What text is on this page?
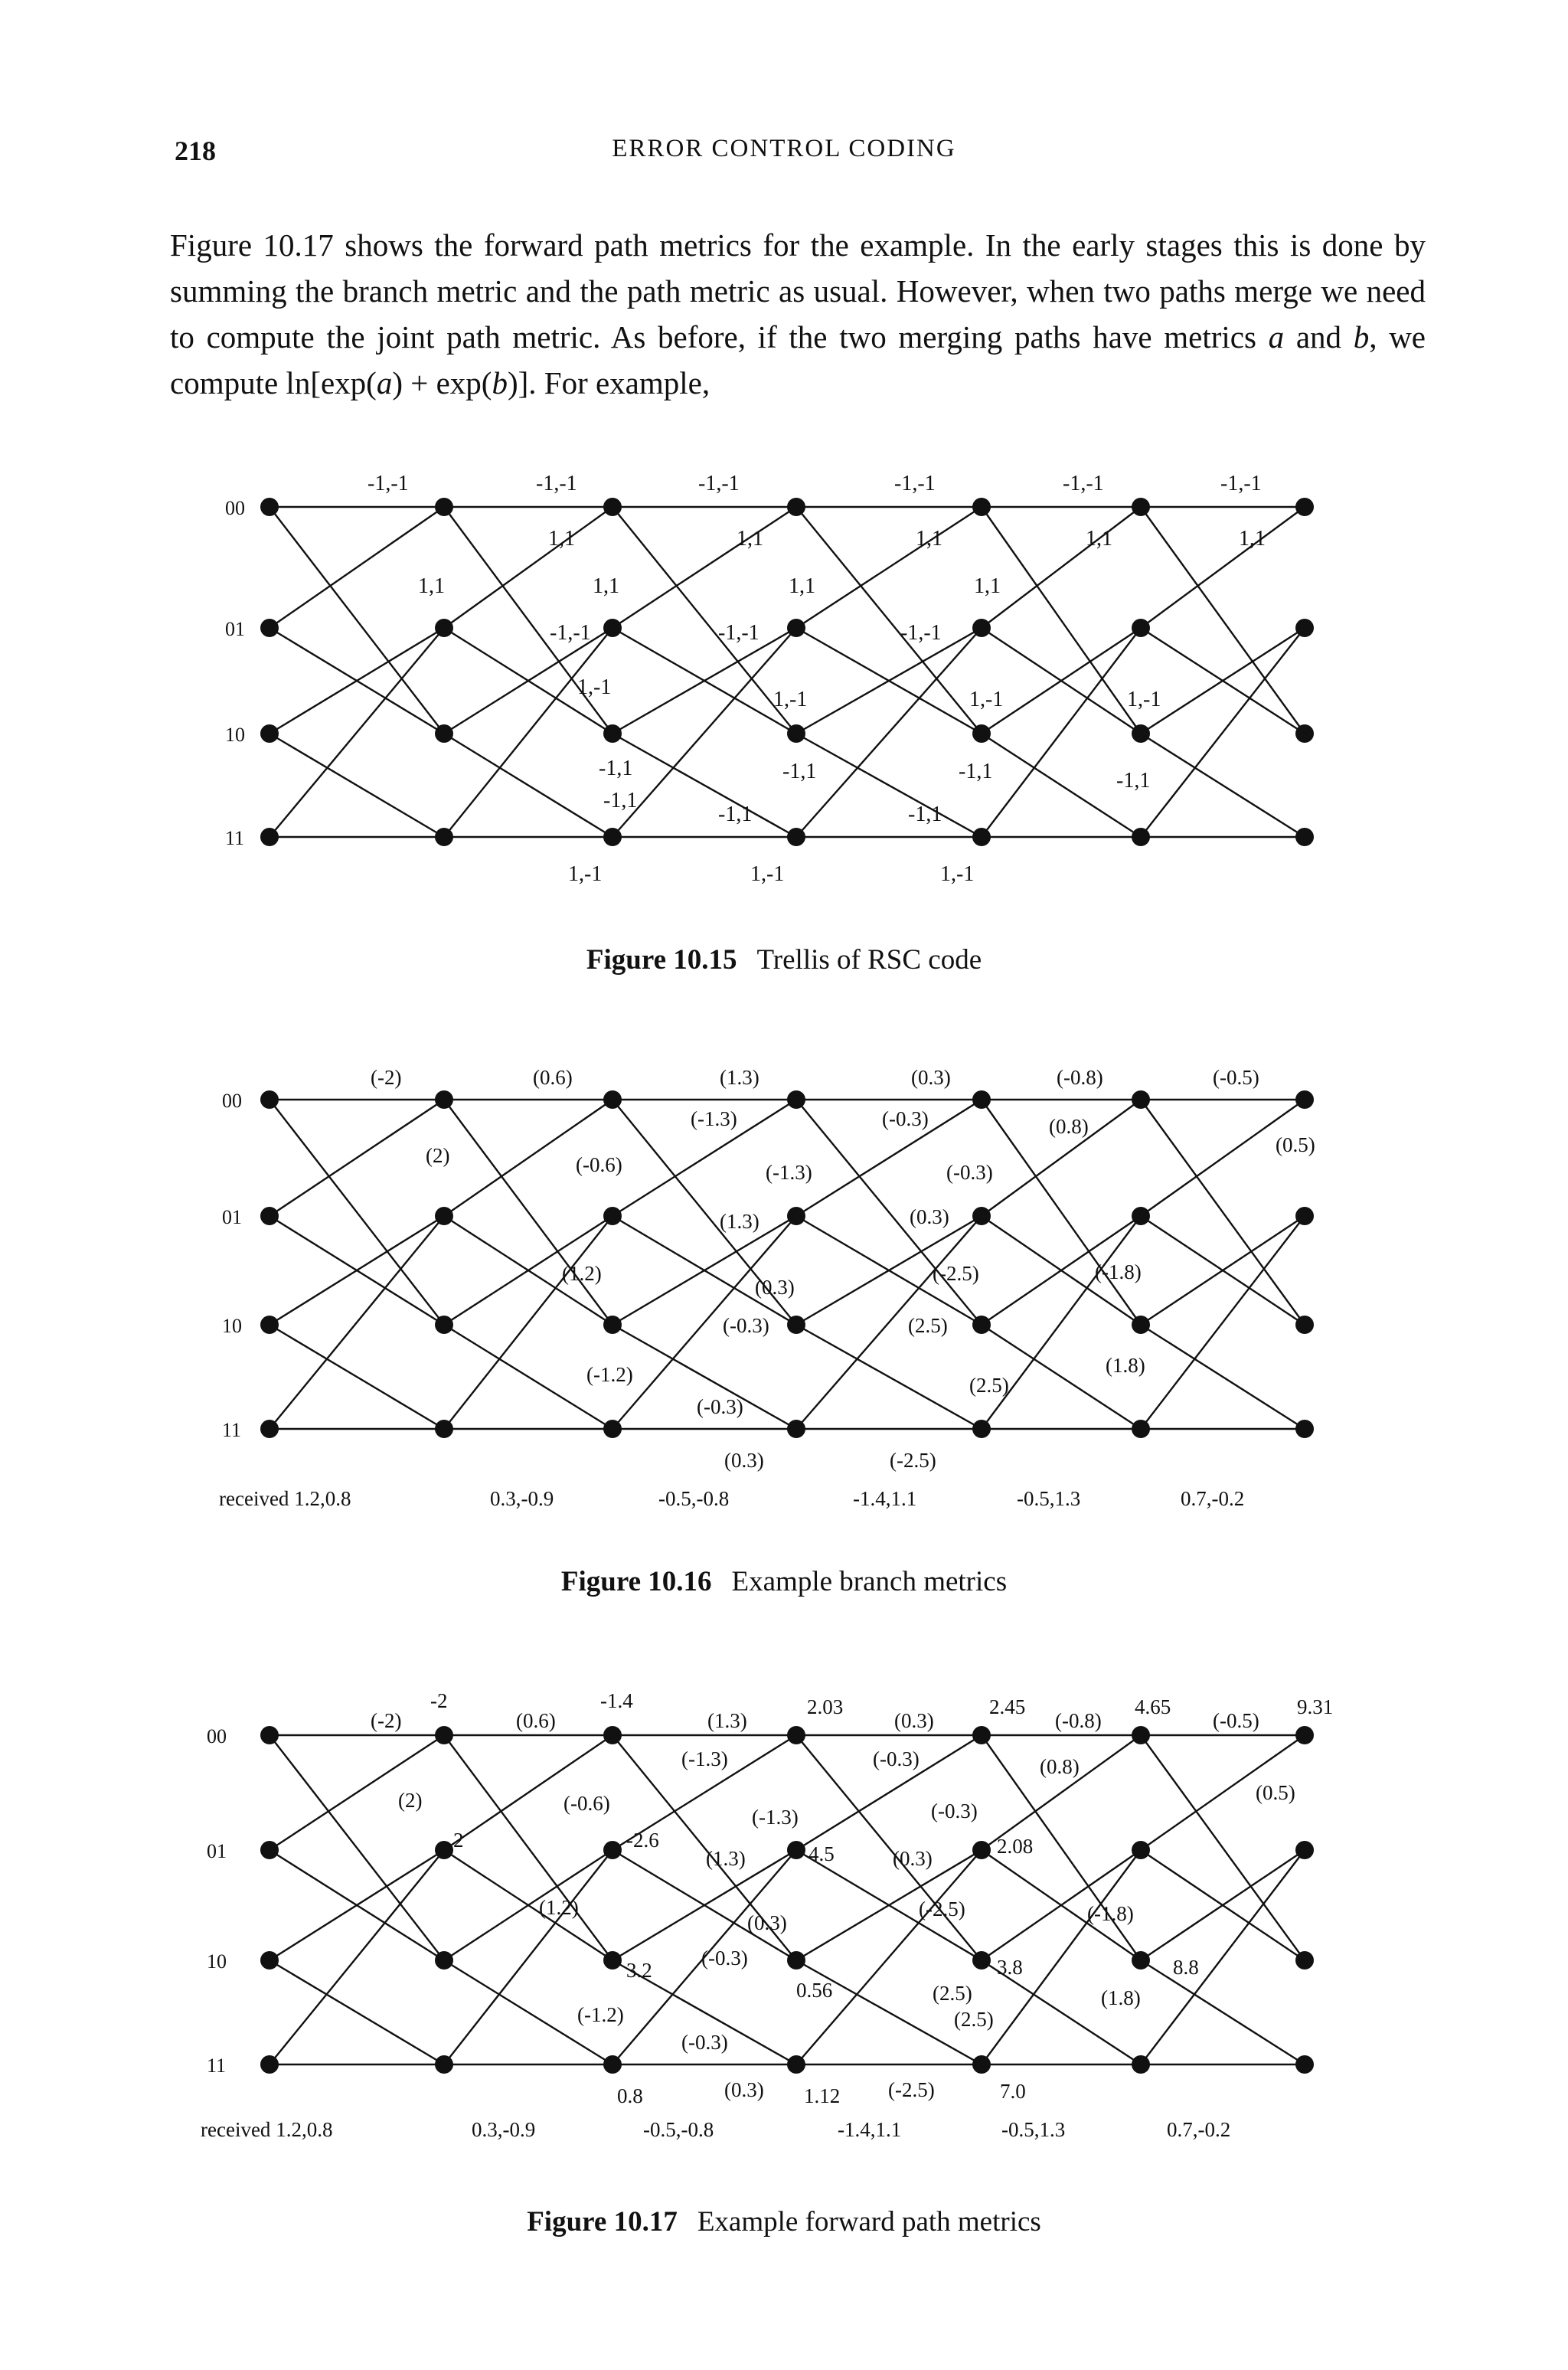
218	ERROR CONTROL CODING

Figure 10.17 shows the forward path metrics for the example. In the early stages this is done by summing the branch metric and the path metric as usual. However, when two paths merge we need to compute the joint path metric. As before, if the two merging paths have metrics a and b, we compute ln[exp(a) + exp(b)]. For example,

00
01
10
11
-1,-1	-1,-1	-1,-1	-1,-1	-1,-1	-1,-1
1,1	1,1	1,1	1,1	1,1
1,1	1,1	1,1	1,1
-1,-1	-1,-1	-1,-1
1,-1
1,-1	1,-1	1,-1
-1,1	-1,1	-1,1	-1,1
-1,1
-1,1	-1,1
1,-1	1,-1	1,-1
Figure 10.15 Trellis of RSC code
00
01
10
11
(-2)	(0.6)	(1.3)	(0.3)	(-0.8)	(-0.5)
(2)
(-1.3)	(-0.3)	(0.8)
(0.5)
(-0.6)	(-1.3)	(-0.3)
(1.3)	(0.3)
(1.2)
(0.3)
(-2.5)	(-1.8)
(-0.3)	(2.5)
(-1.2)	(1.8)
(2.5)
(-0.3)
(0.3)	(-2.5)
received 1.2,0.8	0.3,-0.9	-0.5,-0.8	-1.4,1.1	-0.5,1.3	0.7,-0.2
Figure 10.16 Example branch metrics
00
01
10
11
(-2)	(0.6)	(1.3)	(0.3)	(-0.8)	(-0.5)
(-1.3)	(-0.3)	(0.8)
(0.5)
(2)	(-0.6)
(-1.3)	(-0.3)
(1.3)	(0.3)
(1.2)
(0.3)
(-2.5)	(-1.8)
(-0.3)
(2.5)	(1.8)
(-1.2)	(2.5)
(-0.3)
(0.3)	(-2.5)
-2	-1.4	2.03	2.45	4.65	9.31
2	-2.6
4.5	2.08
3.2
0.56
3.8	8.8
0.8	1.12	7.0
received 1.2,0.8	0.3,-0.9	-0.5,-0.8	-1.4,1.1	-0.5,1.3	0.7,-0.2
Figure 10.17 Example forward path metrics
